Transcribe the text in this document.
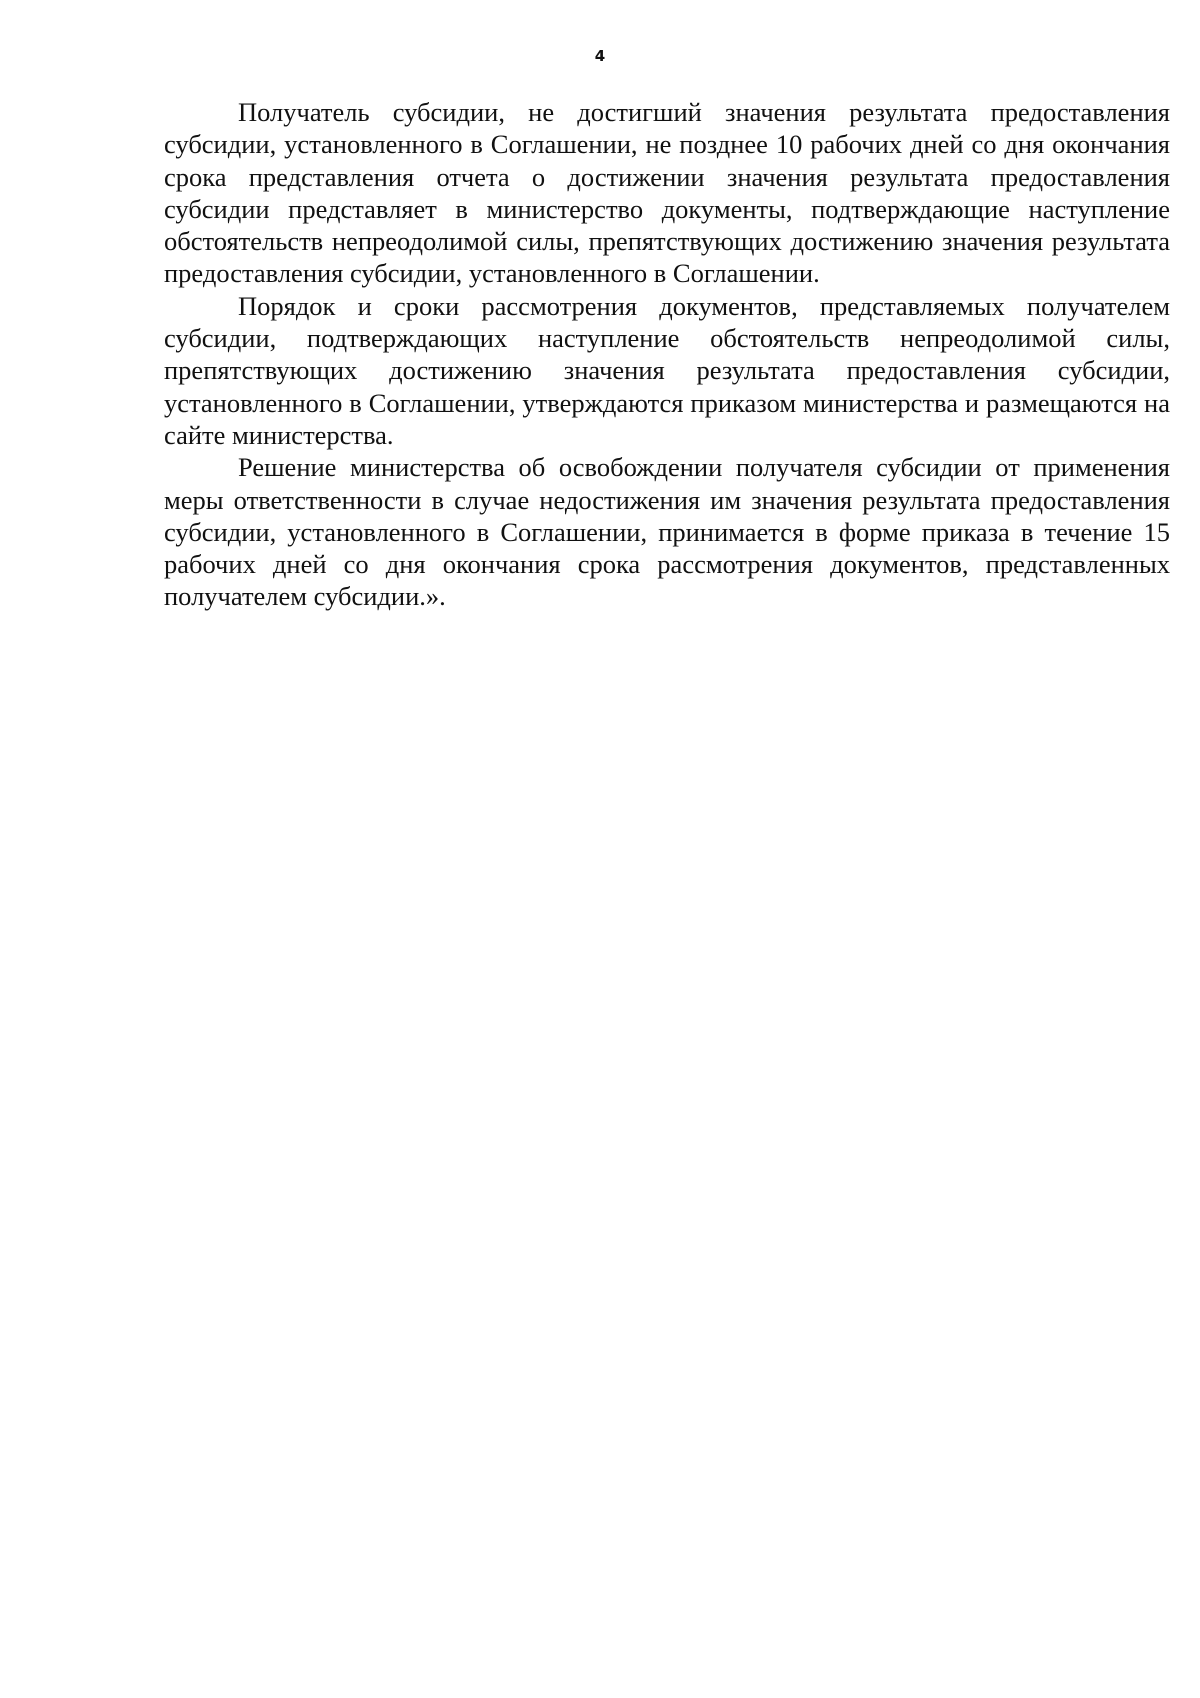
4

Получатель субсидии, не достигший значения результата предоставления субсидии, установленного в Соглашении, не позднее 10 рабочих дней со дня окончания срока представления отчета о достижении значения результата предоставления субсидии представляет в министерство документы, подтверждающие наступление обстоятельств непреодолимой силы, препятствующих достижению значения результата предоставления субсидии, установленного в Соглашении.

Порядок и сроки рассмотрения документов, представляемых получателем субсидии, подтверждающих наступление обстоятельств непреодолимой силы, препятствующих достижению значения результата предоставления субсидии, установленного в Соглашении, утверждаются приказом министерства и размещаются на сайте министерства.

Решение министерства об освобождении получателя субсидии от применения меры ответственности в случае недостижения им значения результата предоставления субсидии, установленного в Соглашении, принимается в форме приказа в течение 15 рабочих дней со дня окончания срока рассмотрения документов, представленных получателем субсидии.».
